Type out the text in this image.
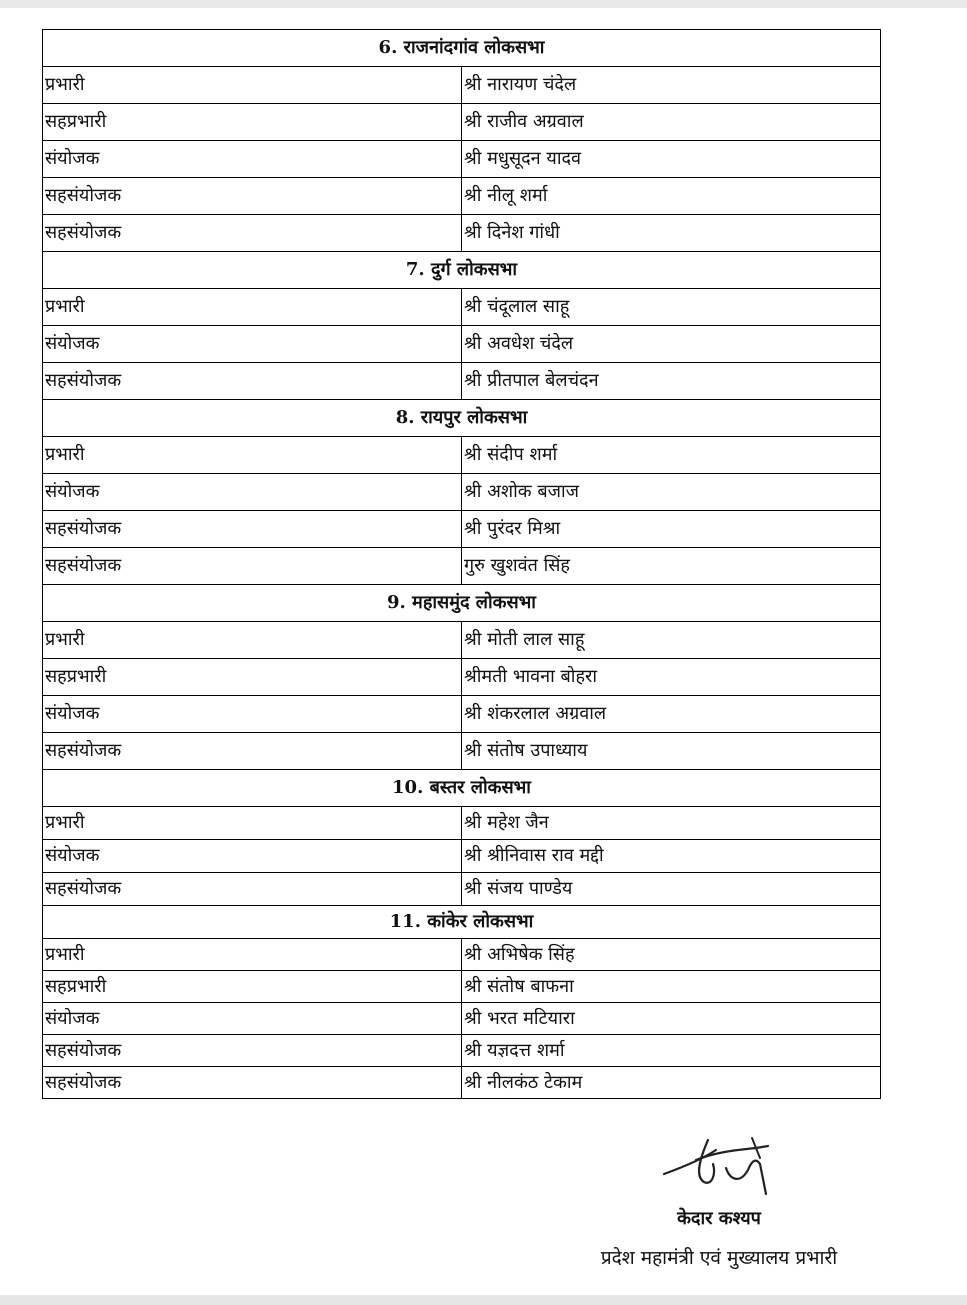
6. राजनांदगांव लोकसभा	
प्रभारी	श्री नारायण चंदेल
सहप्रभारी	श्री राजीव अग्रवाल
संयोजक	श्री मधुसूदन यादव
सहसंयोजक	श्री नीलू शर्मा
सहसंयोजक	श्री दिनेश गांधी
7. दुर्ग लोकसभा	
प्रभारी	श्री चंदूलाल साहू
संयोजक	श्री अवधेश चंदेल
सहसंयोजक	श्री प्रीतपाल बेलचंदन
8. रायपुर लोकसभा	
प्रभारी	श्री संदीप शर्मा
संयोजक	श्री अशोक बजाज
सहसंयोजक	श्री पुरंदर मिश्रा
सहसंयोजक	गुरु खुशवंत सिंह
9. महासमुंद लोकसभा	
प्रभारी	श्री मोती लाल साहू
सहप्रभारी	श्रीमती भावना बोहरा
संयोजक	श्री शंकरलाल अग्रवाल
सहसंयोजक	श्री संतोष उपाध्याय
10. बस्तर लोकसभा	
प्रभारी	श्री महेश जैन
संयोजक	श्री श्रीनिवास राव मद्दी
सहसंयोजक	श्री संजय पाण्डेय
11. कांकेर लोकसभा	
प्रभारी	श्री अभिषेक सिंह
सहप्रभारी	श्री संतोष बाफना
संयोजक	श्री भरत मटियारा
सहसंयोजक	श्री यज्ञदत्त शर्मा
सहसंयोजक	श्री नीलकंठ टेकाम
केदार कश्यप
प्रदेश महामंत्री एवं मुख्यालय प्रभारी
